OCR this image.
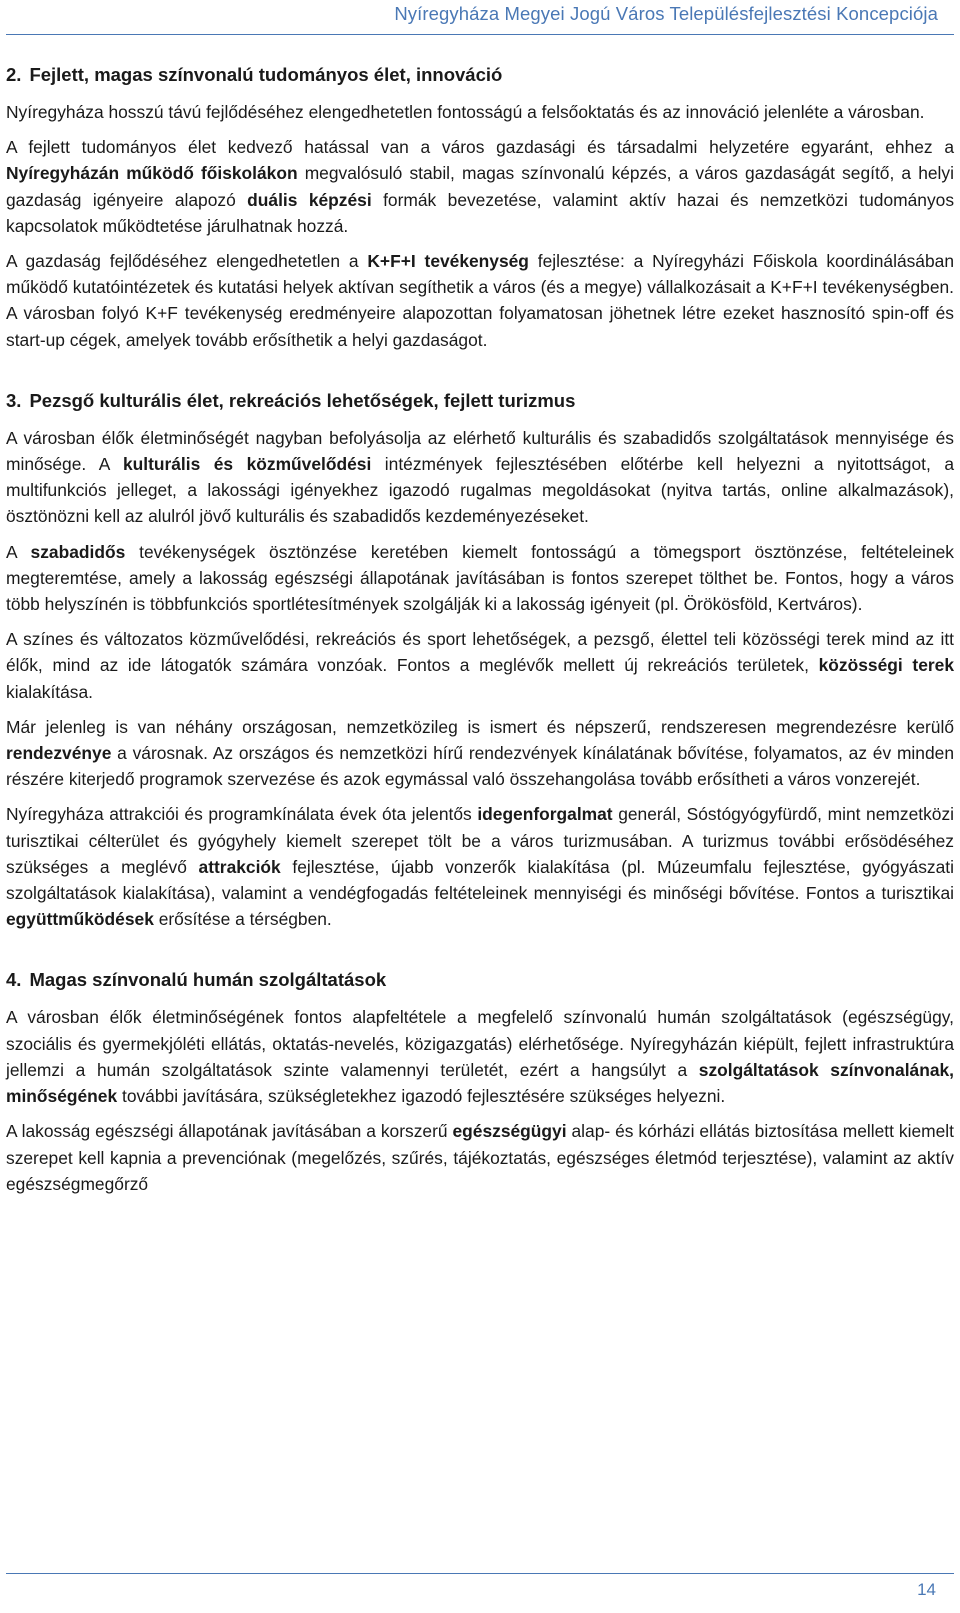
Nyíregyháza Megyei Jogú Város Településfejlesztési Koncepciója
2. Fejlett, magas színvonalú tudományos élet, innováció

Nyíregyháza hosszú távú fejlődéséhez elengedhetetlen fontosságú a felsőoktatás és az innováció jelenléte a városban.

A fejlett tudományos élet kedvező hatással van a város gazdasági és társadalmi helyzetére egyaránt, ehhez a Nyíregyházán működő főiskolákon megvalósuló stabil, magas színvonalú képzés, a város gazdaságát segítő, a helyi gazdaság igényeire alapozó duális képzési formák bevezetése, valamint aktív hazai és nemzetközi tudományos kapcsolatok működtetése járulhatnak hozzá.

A gazdaság fejlődéséhez elengedhetetlen a K+F+I tevékenység fejlesztése: a Nyíregyházi Főiskola koordinálásában működő kutatóintézetek és kutatási helyek aktívan segíthetik a város (és a megye) vállalkozásait a K+F+I tevékenységben. A városban folyó K+F tevékenység eredményeire alapozottan folyamatosan jöhetnek létre ezeket hasznosító spin-off és start-up cégek, amelyek tovább erősíthetik a helyi gazdaságot.

3. Pezsgő kulturális élet, rekreációs lehetőségek, fejlett turizmus

A városban élők életminőségét nagyban befolyásolja az elérhető kulturális és szabadidős szolgáltatások mennyisége és minősége. A kulturális és közművelődési intézmények fejlesztésében előtérbe kell helyezni a nyitottságot, a multifunkciós jelleget, a lakossági igényekhez igazodó rugalmas megoldásokat (nyitva tartás, online alkalmazások), ösztönözni kell az alulról jövő kulturális és szabadidős kezdeményezéseket.

A szabadidős tevékenységek ösztönzése keretében kiemelt fontosságú a tömegsport ösztönzése, feltételeinek megteremtése, amely a lakosság egészségi állapotának javításában is fontos szerepet tölthet be. Fontos, hogy a város több helyszínén is többfunkciós sportlétesítmények szolgálják ki a lakosság igényeit (pl. Örökösföld, Kertváros).

A színes és változatos közművelődési, rekreációs és sport lehetőségek, a pezsgő, élettel teli közösségi terek mind az itt élők, mind az ide látogatók számára vonzóak. Fontos a meglévők mellett új rekreációs területek, közösségi terek kialakítása.

Már jelenleg is van néhány országosan, nemzetközileg is ismert és népszerű, rendszeresen megrendezésre kerülő rendezvénye a városnak. Az országos és nemzetközi hírű rendezvények kínálatának bővítése, folyamatos, az év minden részére kiterjedő programok szervezése és azok egymással való összehangolása tovább erősítheti a város vonzerejét.

Nyíregyháza attrakciói és programkínálata évek óta jelentős idegenforgalmat generál, Sóstógyógyfürdő, mint nemzetközi turisztikai célterület és gyógyhely kiemelt szerepet tölt be a város turizmusában. A turizmus további erősödéséhez szükséges a meglévő attrakciók fejlesztése, újabb vonzerők kialakítása (pl. Múzeumfalu fejlesztése, gyógyászati szolgáltatások kialakítása), valamint a vendégfogadás feltételeinek mennyiségi és minőségi bővítése. Fontos a turisztikai együttműködések erősítése a térségben.

4. Magas színvonalú humán szolgáltatások

A városban élők életminőségének fontos alapfeltétele a megfelelő színvonalú humán szolgáltatások (egészségügy, szociális és gyermekjóléti ellátás, oktatás-nevelés, közigazgatás) elérhetősége. Nyíregyházán kiépült, fejlett infrastruktúra jellemzi a humán szolgáltatások szinte valamennyi területét, ezért a hangsúlyt a szolgáltatások színvonalának, minőségének további javítására, szükségletekhez igazodó fejlesztésére szükséges helyezni.

A lakosság egészségi állapotának javításában a korszerű egészségügyi alap- és kórházi ellátás biztosítása mellett kiemelt szerepet kell kapnia a prevenciónak (megelőzés, szűrés, tájékoztatás, egészséges életmód terjesztése), valamint az aktív egészségmegőrző

14
